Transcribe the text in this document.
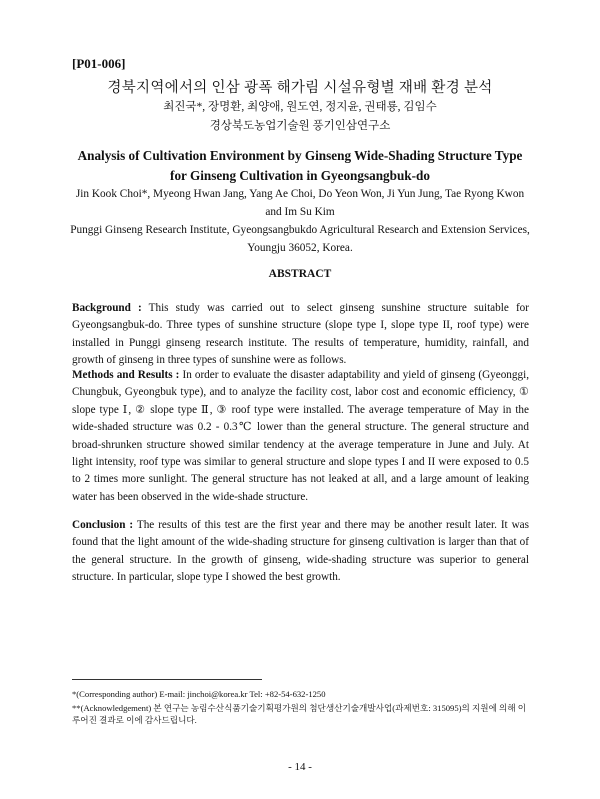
[P01-006]
경북지역에서의 인삼 광폭 해가림 시설유형별 재배 환경 분석
최진국*, 장명환, 최양애, 원도연, 정지윤, 권태룡, 김임수
경상북도농업기술원 풍기인삼연구소
Analysis of Cultivation Environment by Ginseng Wide-Shading Structure Type
for Ginseng Cultivation in Gyeongsangbuk-do
Jin Kook Choi*, Myeong Hwan Jang, Yang Ae Choi, Do Yeon Won, Ji Yun Jung, Tae Ryong Kwon and Im Su Kim
Punggi Ginseng Research Institute, Gyeongsangbukdo Agricultural Research and Extension Services, Youngju 36052, Korea.
ABSTRACT
Background : This study was carried out to select ginseng sunshine structure suitable for Gyeongsangbuk-do. Three types of sunshine structure (slope type I, slope type II, roof type) were installed in Punggi ginseng research institute. The results of temperature, humidity, rainfall, and growth of ginseng in three types of sunshine were as follows.
Methods and Results : In order to evaluate the disaster adaptability and yield of ginseng (Gyeonggi, Chungbuk, Gyeongbuk type), and to analyze the facility cost, labor cost and economic efficiency, ① slope type Ⅰ, ② slope type Ⅱ, ③ roof type were installed. The average temperature of May in the wide-shaded structure was 0.2 - 0.3℃ lower than the general structure. The general structure and broad-shrunken structure showed similar tendency at the average temperature in June and July. At light intensity, roof type was similar to general structure and slope types I and II were exposed to 0.5 to 2 times more sunlight. The general structure has not leaked at all, and a large amount of leaking water has been observed in the wide-shade structure.
Conclusion : The results of this test are the first year and there may be another result later. It was found that the light amount of the wide-shading structure for ginseng cultivation is larger than that of the general structure. In the growth of ginseng, wide-shading structure was superior to general structure. In particular, slope type I showed the best growth.
*(Corresponding author) E-mail: jinchoi@korea.kr Tel: +82-54-632-1250
**(Acknowledgement) 본 연구는 농림수산식품기술기획평가원의 첨단생산기술개발사업(과제번호: 315095)의 지원에 의해 이루어진 결과로 이에 감사드립니다.
- 14 -
